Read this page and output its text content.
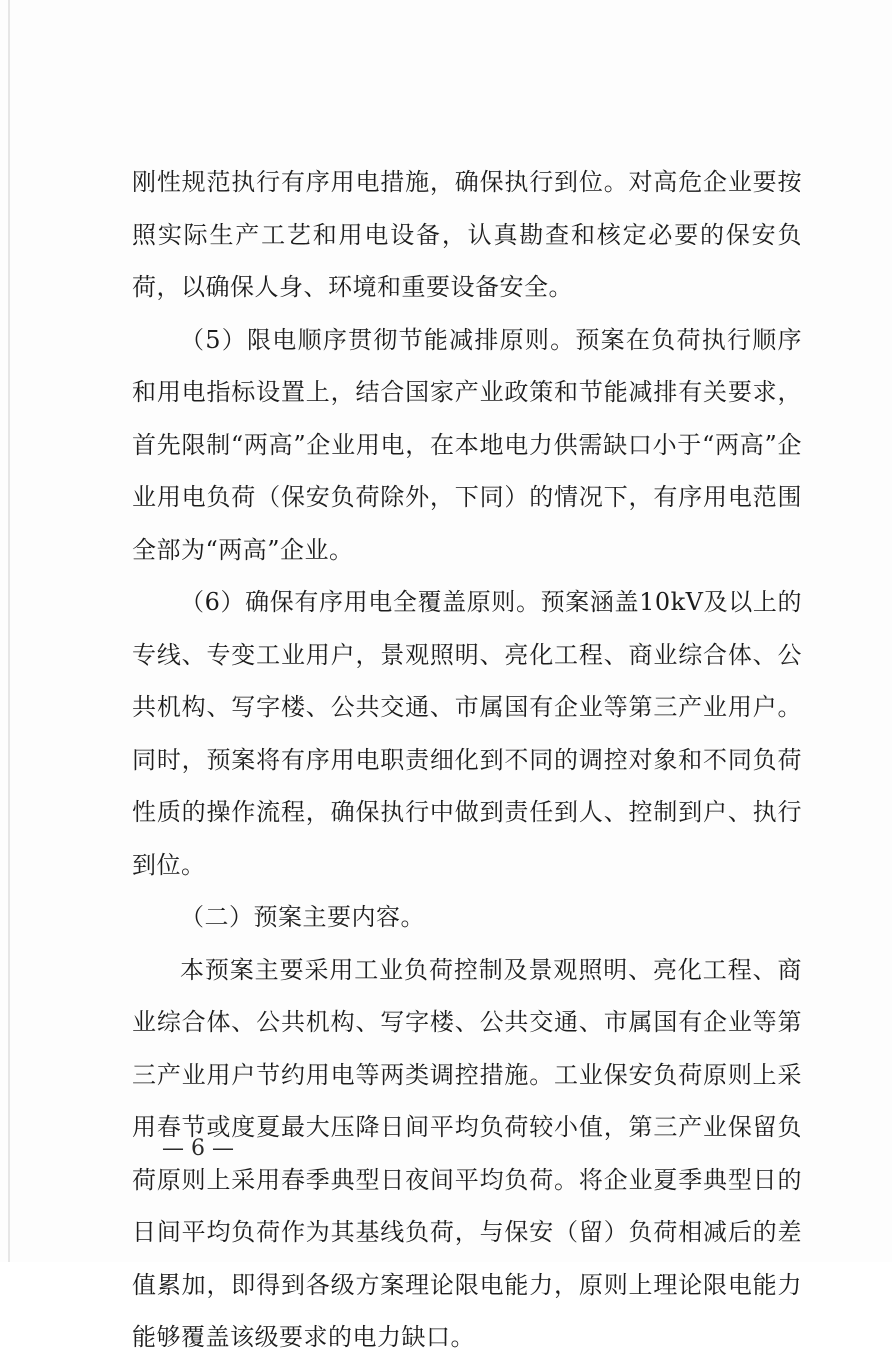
刚性规范执行有序用电措施，确保执行到位。对高危企业要按照实际生产工艺和用电设备，认真勘查和核定必要的保安负荷，以确保人身、环境和重要设备安全。

（5）限电顺序贯彻节能减排原则。预案在负荷执行顺序和用电指标设置上，结合国家产业政策和节能减排有关要求，首先限制“两高”企业用电，在本地电力供需缺口小于“两高”企业用电负荷（保安负荷除外，下同）的情况下，有序用电范围全部为“两高”企业。

（6）确保有序用电全覆盖原则。预案涵盖10kV及以上的专线、专变工业用户，景观照明、亮化工程、商业综合体、公共机构、写字楼、公共交通、市属国有企业等第三产业用户。同时，预案将有序用电职责细化到不同的调控对象和不同负荷性质的操作流程，确保执行中做到责任到人、控制到户、执行到位。

（二）预案主要内容。

本预案主要采用工业负荷控制及景观照明、亮化工程、商业综合体、公共机构、写字楼、公共交通、市属国有企业等第三产业用户节约用电等两类调控措施。工业保安负荷原则上采用春节或度夏最大压降日间平均负荷较小值，第三产业保留负荷原则上采用春季典型日夜间平均负荷。将企业夏季典型日的日间平均负荷作为其基线负荷，与保安（留）负荷相减后的差值累加，即得到各级方案理论限电能力，原则上理论限电能力能够覆盖该级要求的电力缺口。

— 6 —
